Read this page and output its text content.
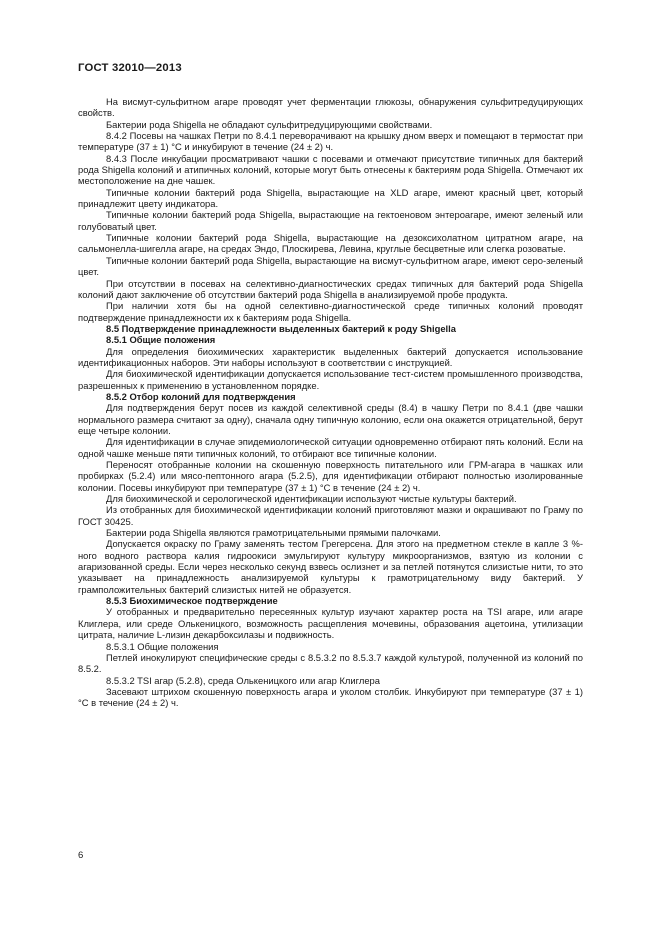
ГОСТ 32010—2013

На висмут-сульфитном агаре проводят учет ферментации глюкозы, обнаружения сульфитредуцирующих свойств.

Бактерии рода Shigella не обладают сульфитредуцирующими свойствами.

8.4.2 Посевы на чашках Петри по 8.4.1 переворачивают на крышку дном вверх и помещают в термостат при температуре (37 ± 1) °С и инкубируют в течение (24 ± 2) ч.

8.4.3 После инкубации просматривают чашки с посевами и отмечают присутствие типичных для бактерий рода Shigella колоний и атипичных колоний, которые могут быть отнесены к бактериям рода Shigella. Отмечают их местоположение на дне чашек.

Типичные колонии бактерий рода Shigella, вырастающие на XLD агаре, имеют красный цвет, который принадлежит цвету индикатора.

Типичные колонии бактерий рода Shigella, вырастающие на гектоеновом энтероагаре, имеют зеленый или голубоватый цвет.

Типичные колонии бактерий рода Shigella, вырастающие на дезоксихолатном цитратном агаре, на сальмонелла-шигелла агаре, на средах Эндо, Плоскирева, Левина, круглые бесцветные или слегка розоватые.

Типичные колонии бактерий рода Shigella, вырастающие на висмут-сульфитном агаре, имеют серо-зеленый цвет.

При отсутствии в посевах на селективно-диагностических средах типичных для бактерий рода Shigella колоний дают заключение об отсутствии бактерий рода Shigella в анализируемой пробе продукта.

При наличии хотя бы на одной селективно-диагностической среде типичных колоний проводят подтверждение принадлежности их к бактериям рода Shigella.

8.5 Подтверждение принадлежности выделенных бактерий к роду Shigella

8.5.1 Общие положения

Для определения биохимических характеристик выделенных бактерий допускается использование идентификационных наборов. Эти наборы используют в соответствии с инструкцией.

Для биохимической идентификации допускается использование тест-систем промышленного производства, разрешенных к применению в установленном порядке.

8.5.2 Отбор колоний для подтверждения

Для подтверждения берут посев из каждой селективной среды (8.4) в чашку Петри по 8.4.1 (две чашки нормального размера считают за одну), сначала одну типичную колонию, если она окажется отрицательной, берут еще четыре колонии.

Для идентификации в случае эпидемиологической ситуации одновременно отбирают пять колоний. Если на одной чашке меньше пяти типичных колоний, то отбирают все типичные колонии.

Переносят отобранные колонии на скошенную поверхность питательного или ГРМ-агара в чашках или пробирках (5.2.4) или мясо-пептонного агара (5.2.5), для идентификации отбирают полностью изолированные колонии. Посевы инкубируют при температуре (37 ± 1) °С в течение (24 ± 2) ч.

Для биохимической и серологической идентификации используют чистые культуры бактерий.

Из отобранных для биохимической идентификации колоний приготовляют мазки и окрашивают по Граму по ГОСТ 30425.

Бактерии рода Shigella являются грамотрицательными прямыми палочками.

Допускается окраску по Граму заменять тестом Грегерсена. Для этого на предметном стекле в капле 3 %-ного водного раствора калия гидроокиси эмульгируют культуру микроорганизмов, взятую из колонии с агаризованной среды. Если через несколько секунд взвесь ослизнет и за петлей потянутся слизистые нити, то это указывает на принадлежность анализируемой культуры к грамотрицательному виду бактерий. У грамположительных бактерий слизистых нитей не образуется.

8.5.3 Биохимическое подтверждение

У отобранных и предварительно пересеянных культур изучают характер роста на TSI агаре, или агаре Клиглера, или среде Олькеницкого, возможность расщепления мочевины, образования ацетоина, утилизации цитрата, наличие L-лизин декарбоксилазы и подвижность.

8.5.3.1 Общие положения

Петлей инокулируют специфические среды с 8.5.3.2 по 8.5.3.7 каждой культурой, полученной из колоний по 8.5.2.

8.5.3.2 TSI агар (5.2.8), среда Олькеницкого или агар Клиглера

Засевают штрихом скошенную поверхность агара и уколом столбик. Инкубируют при температуре (37 ± 1) °С в течение (24 ± 2) ч.

6
